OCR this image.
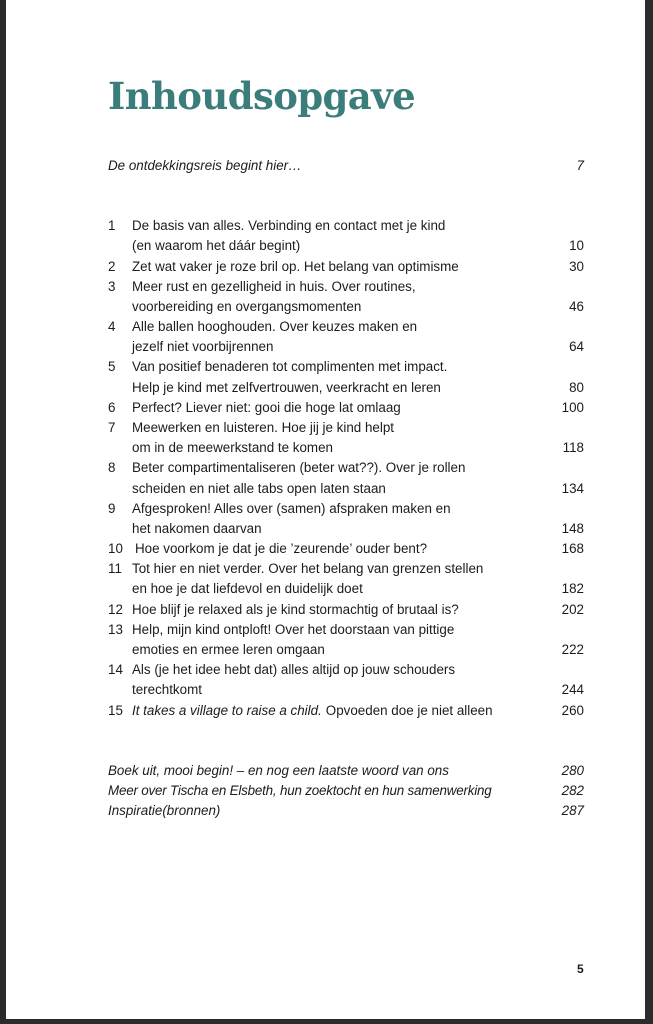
Inhoudsopgave
De ontdekkingsreis begint hier…	7
1 De basis van alles. Verbinding en contact met je kind
(en waarom het dáár begint)	10
2 Zet wat vaker je roze bril op. Het belang van optimisme	30
3 Meer rust en gezelligheid in huis. Over routines,
voorbereiding en overgangsmomenten	46
4 Alle ballen hooghouden. Over keuzes maken en
jezelf niet voorbijrennen	64
5 Van positief benaderen tot complimenten met impact.
Help je kind met zelfvertrouwen, veerkracht en leren	80
6 Perfect? Liever niet: gooi die hoge lat omlaag	100
7 Meewerken en luisteren. Hoe jij je kind helpt
om in de meewerkstand te komen	118
8 Beter compartimentaliseren (beter wat??). Over je rollen
scheiden en niet alle tabs open laten staan	134
9 Afgesproken! Alles over (samen) afspraken maken en
het nakomen daarvan	148
10 Hoe voorkom je dat je die ’zeurende’ ouder bent?	168
11 Tot hier en niet verder. Over het belang van grenzen stellen
en hoe je dat liefdevol en duidelijk doet	182
12 Hoe blijf je relaxed als je kind stormachtig of brutaal is?	202
13 Help, mijn kind ontploft! Over het doorstaan van pittige
emoties en ermee leren omgaan	222
14 Als (je het idee hebt dat) alles altijd op jouw schouders
terechtkomt	244
15 It takes a village to raise a child. Opvoeden doe je niet alleen	260
Boek uit, mooi begin! – en nog een laatste woord van ons	280
Meer over Tischa en Elsbeth, hun zoektocht en hun samenwerking	282
Inspiratie(bronnen)	287
5
